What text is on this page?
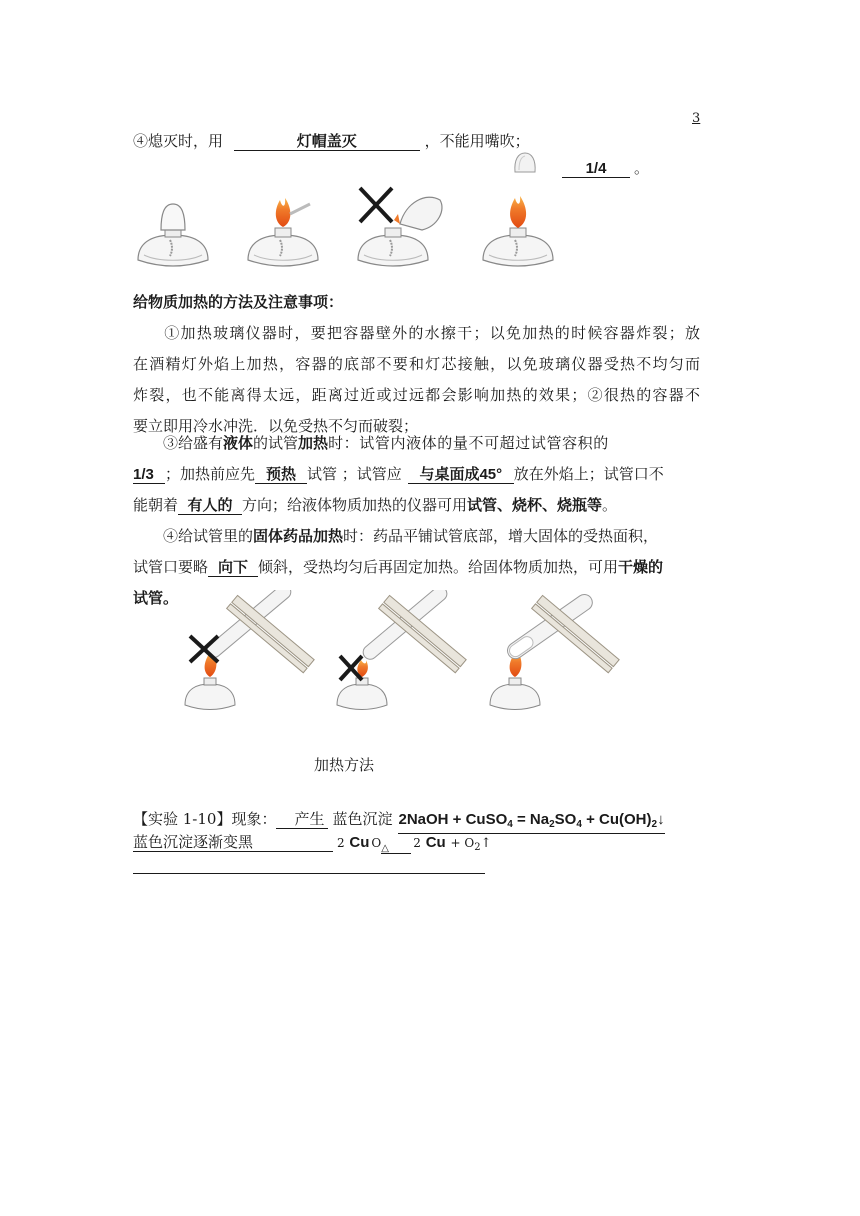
3
④熄灭时，用	灯帽盖灭	，不能用嘴吹；
1/4 。
给物质加热的方法及注意事项：
①加热玻璃仪器时，要把容器壁外的水擦干；以免加热的时候容器炸裂；放
在酒精灯外焰上加热，容器的底部不要和灯芯接触，以免玻璃仪器受热不均匀而
炸裂，也不能离得太远，距离过近或过远都会影响加热的效果；②很热的容器不
要立即用冷水冲洗．以免受热不匀而破裂；
③给盛有液体的试管加热时：试管内液体的量不可超过试管容积的
1/3 ；加热前应先 预热 试管 ；试管应 与桌面成45° 放在外焰上；试管口不
能朝着 有人的 方向；给液体物质加热的仪器可用试管、烧杯、烧瓶等。
④给试管里的固体药品加热时：药品平铺试管底部，增大固体的受热面积，
试管口要略 向下 倾斜，受热均匀后再固定加热。给固体物质加热，可用干燥的
试管。
加热方法
【实验 1-10】现象： 产生 蓝色沉淀 2NaOH + CuSO$_4$ = $Na_2SO_4$ + $Cu(OH)_2↓$
蓝色沉淀逐渐变黑	2 Cu O △ 2 $Cu + O_2↑$
